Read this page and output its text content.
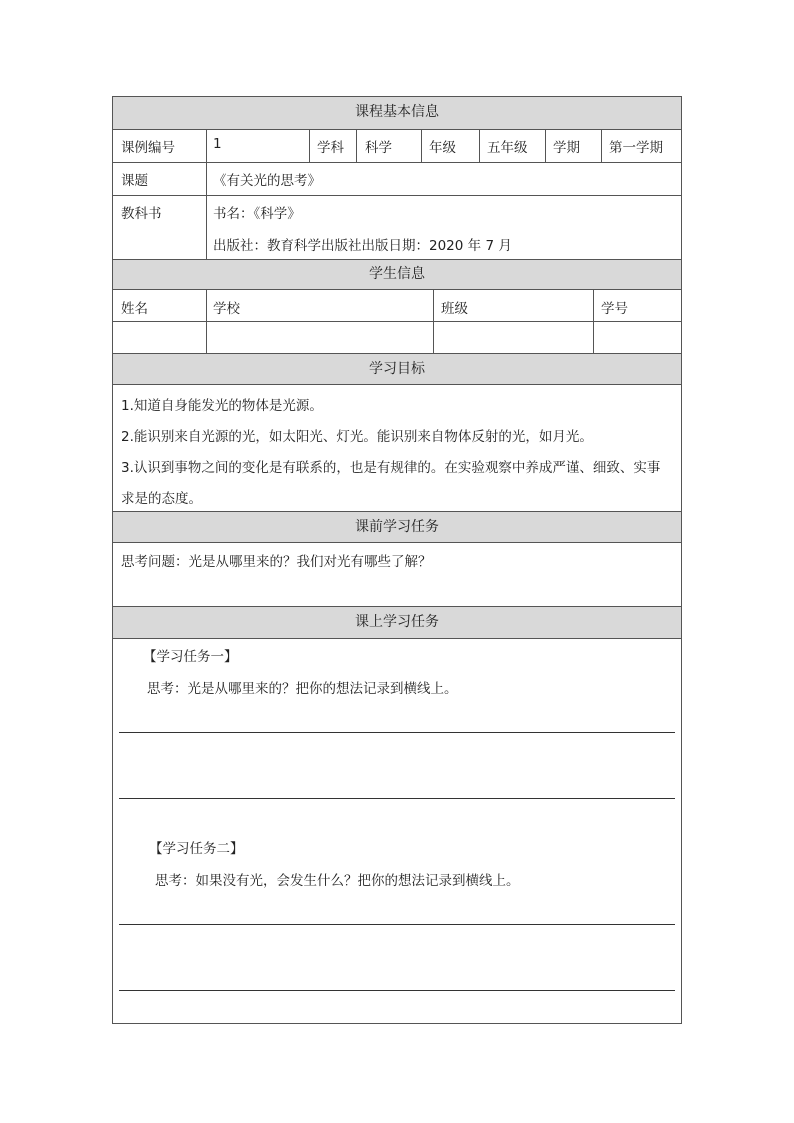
课程基本信息
课例编号	1	学科 科学	年级 五年级 学期 第一学期
课题	《有关光的思考》
教科书	书名：《科学》
出版社：教育科学出版社出版日期：2020 年 7 月
学生信息
姓名	学校	班级	学号
学习目标
1.知道自身能发光的物体是光源。
2.能识别来自光源的光，如太阳光、灯光。能识别来自物体反射的光，如月光。
3.认识到事物之间的变化是有联系的，也是有规律的。在实验观察中养成严谨、细致、实事
求是的态度。
课前学习任务
思考问题：光是从哪里来的？我们对光有哪些了解？
课上学习任务
【学习任务一】
思考：光是从哪里来的？把你的想法记录到横线上。
【学习任务二】
思考：如果没有光，会发生什么？把你的想法记录到横线上。
